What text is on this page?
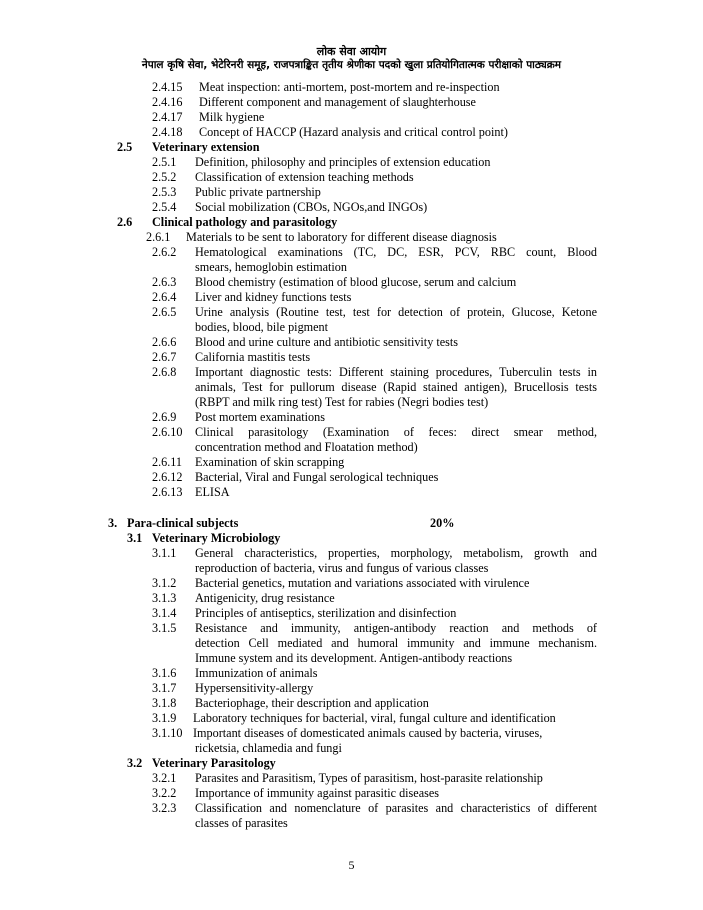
लोक सेवा आयोग
नेपाल कृषि सेवा, भेटेरिनरी समूह, राजपत्राङ्कित तृतीय श्रेणीका पदको खुला प्रतियोगितात्मक परीक्षाको पाठ्यक्रम
2.4.15 Meat inspection: anti-mortem, post-mortem and re-inspection
2.4.16 Different component and management of slaughterhouse
2.4.17 Milk hygiene
2.4.18 Concept of HACCP (Hazard analysis and critical control point)
2.5 Veterinary extension
2.5.1 Definition, philosophy and principles of extension education
2.5.2 Classification of extension teaching methods
2.5.3 Public private partnership
2.5.4 Social mobilization (CBOs, NGOs,and INGOs)
2.6 Clinical pathology and parasitology
2.6.1 Materials to be sent to laboratory for different disease diagnosis
2.6.2 Hematological examinations (TC, DC, ESR, PCV, RBC count, Blood
smears, hemoglobin estimation
2.6.3 Blood chemistry (estimation of blood glucose, serum and calcium
2.6.4 Liver and kidney functions tests
2.6.5 Urine analysis (Routine test, test for detection of protein, Glucose, Ketone
bodies, blood, bile pigment
2.6.6 Blood and urine culture and antibiotic sensitivity tests
2.6.7 California mastitis tests
2.6.8 Important diagnostic tests: Different staining procedures, Tuberculin tests in
animals, Test for pullorum disease (Rapid stained antigen), Brucellosis tests
(RBPT and milk ring test) Test for rabies (Negri bodies test)
2.6.9 Post mortem examinations
2.6.10 Clinical parasitology (Examination of feces: direct smear method,
concentration method and Floatation method)
2.6.11 Examination of skin scrapping
2.6.12 Bacterial, Viral and Fungal serological techniques
2.6.13 ELISA
3. Para-clinical subjects	20%
3.1 Veterinary Microbiology
3.1.1 General characteristics, properties, morphology, metabolism, growth and
reproduction of bacteria, virus and fungus of various classes
3.1.2 Bacterial genetics, mutation and variations associated with virulence
3.1.3 Antigenicity, drug resistance
3.1.4 Principles of antiseptics, sterilization and disinfection
3.1.5 Resistance and immunity, antigen-antibody reaction and methods of
detection Cell mediated and humoral immunity and immune mechanism.
Immune system and its development. Antigen-antibody reactions
3.1.6 Immunization of animals
3.1.7 Hypersensitivity-allergy
3.1.8 Bacteriophage, their description and application
3.1.9 Laboratory techniques for bacterial, viral, fungal culture and identification
3.1.10 Important diseases of domesticated animals caused by bacteria, viruses,
ricketsia, chlamedia and fungi
3.2 Veterinary Parasitology
3.2.1 Parasites and Parasitism, Types of parasitism, host-parasite relationship
3.2.2 Importance of immunity against parasitic diseases
3.2.3 Classification and nomenclature of parasites and characteristics of different
classes of parasites
5
